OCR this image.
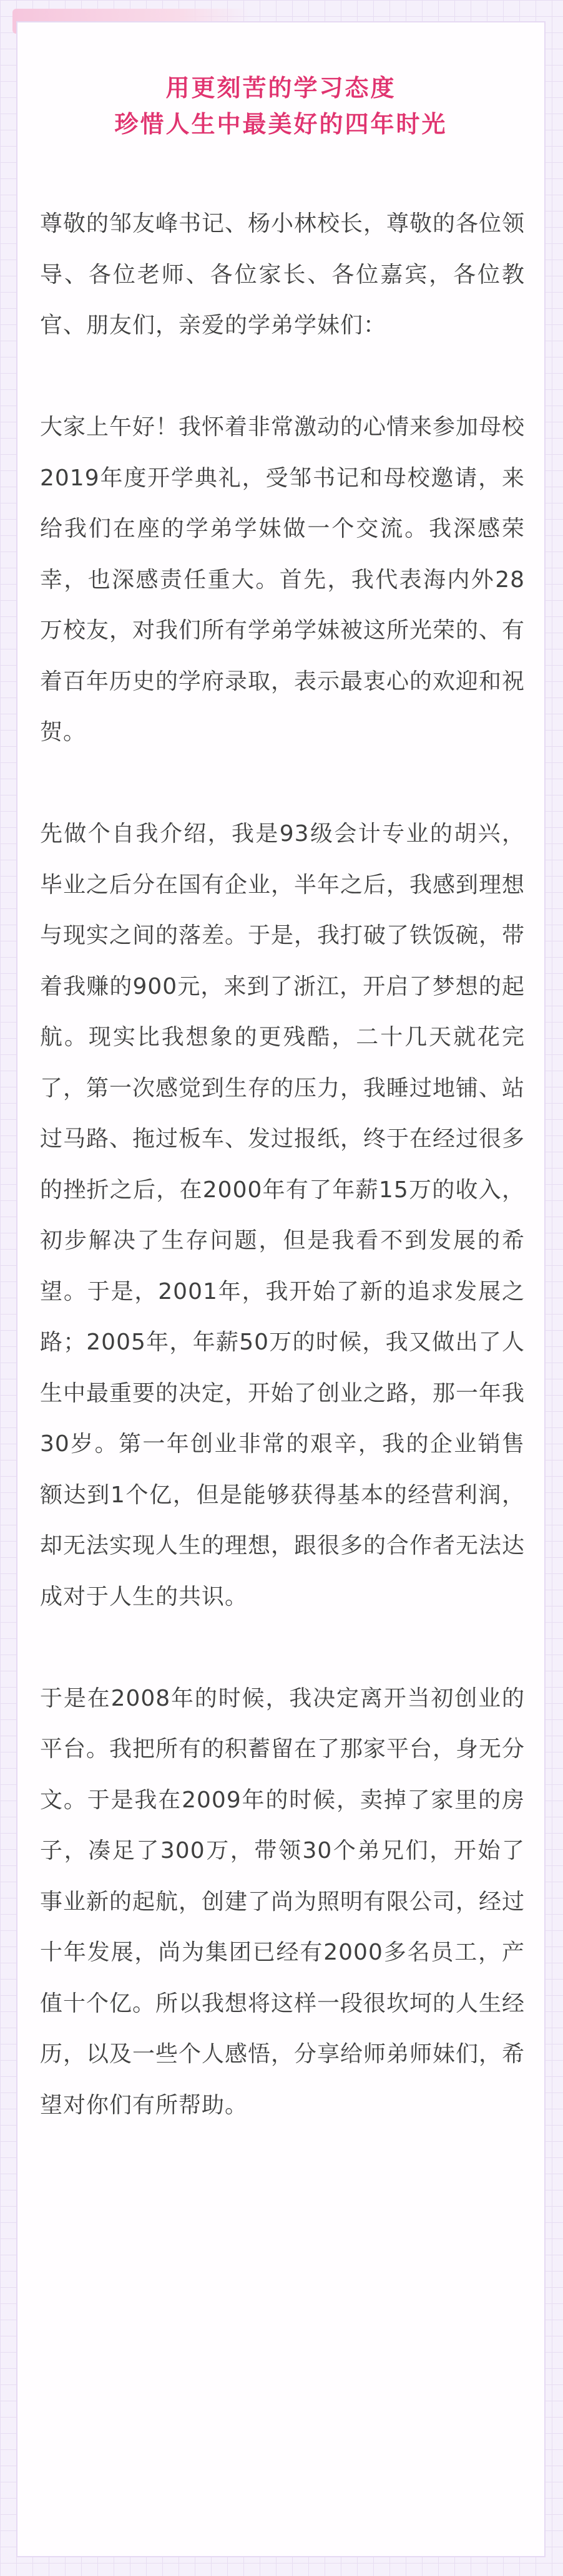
用更刻苦的学习态度
珍惜人生中最美好的四年时光

尊敬的邹友峰书记、杨小林校长，尊敬的各位领导、各位老师、各位家长、各位嘉宾，各位教官、朋友们，亲爱的学弟学妹们：

大家上午好！我怀着非常激动的心情来参加母校2019年度开学典礼，受邹书记和母校邀请，来给我们在座的学弟学妹做一个交流。我深感荣幸，也深感责任重大。首先，我代表海内外28万校友，对我们所有学弟学妹被这所光荣的、有着百年历史的学府录取，表示最衷心的欢迎和祝贺。

先做个自我介绍，我是93级会计专业的胡兴，毕业之后分在国有企业，半年之后，我感到理想与现实之间的落差。于是，我打破了铁饭碗，带着我赚的900元，来到了浙江，开启了梦想的起航。现实比我想象的更残酷，二十几天就花完了，第一次感觉到生存的压力，我睡过地铺、站过马路、拖过板车、发过报纸，终于在经过很多的挫折之后，在2000年有了年薪15万的收入，初步解决了生存问题，但是我看不到发展的希望。于是，2001年，我开始了新的追求发展之路；2005年，年薪50万的时候，我又做出了人生中最重要的决定，开始了创业之路，那一年我30岁。第一年创业非常的艰辛，我的企业销售额达到1个亿，但是能够获得基本的经营利润，却无法实现人生的理想，跟很多的合作者无法达成对于人生的共识。

于是在2008年的时候，我决定离开当初创业的平台。我把所有的积蓄留在了那家平台，身无分文。于是我在2009年的时候，卖掉了家里的房子，凑足了300万，带领30个弟兄们，开始了事业新的起航，创建了尚为照明有限公司，经过十年发展，尚为集团已经有2000多名员工，产值十个亿。所以我想将这样一段很坎坷的人生经历，以及一些个人感悟，分享给师弟师妹们，希望对你们有所帮助。
